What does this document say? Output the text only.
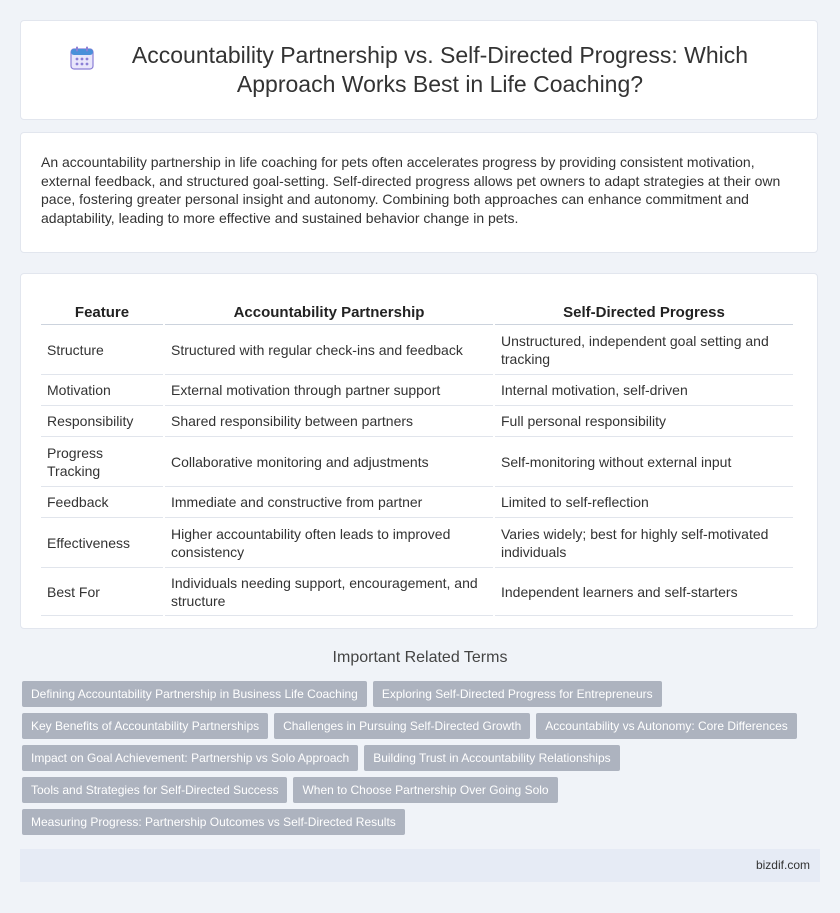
Accountability Partnership vs. Self-Directed Progress: Which Approach Works Best in Life Coaching?

An accountability partnership in life coaching for pets often accelerates progress by providing consistent motivation, external feedback, and structured goal-setting. Self-directed progress allows pet owners to adapt strategies at their own pace, fostering greater personal insight and autonomy. Combining both approaches can enhance commitment and adaptability, leading to more effective and sustained behavior change in pets.

Feature	Accountability Partnership	Self-Directed Progress
Structure	Structured with regular check-ins and feedback	Unstructured, independent goal setting and tracking
Motivation	External motivation through partner support	Internal motivation, self-driven
Responsibility	Shared responsibility between partners	Full personal responsibility
Progress Tracking	Collaborative monitoring and adjustments	Self-monitoring without external input
Feedback	Immediate and constructive from partner	Limited to self-reflection
Effectiveness	Higher accountability often leads to improved consistency	Varies widely; best for highly self-motivated individuals
Best For	Individuals needing support, encouragement, and structure	Independent learners and self-starters
Important Related Terms
Defining Accountability Partnership in Business Life Coaching	Exploring Self-Directed Progress for Entrepreneurs
Key Benefits of Accountability Partnerships	Challenges in Pursuing Self-Directed Growth	Accountability vs Autonomy: Core Differences
Impact on Goal Achievement: Partnership vs Solo Approach	Building Trust in Accountability Relationships
Tools and Strategies for Self-Directed Success	When to Choose Partnership Over Going Solo
Measuring Progress: Partnership Outcomes vs Self-Directed Results
bizdif.com
